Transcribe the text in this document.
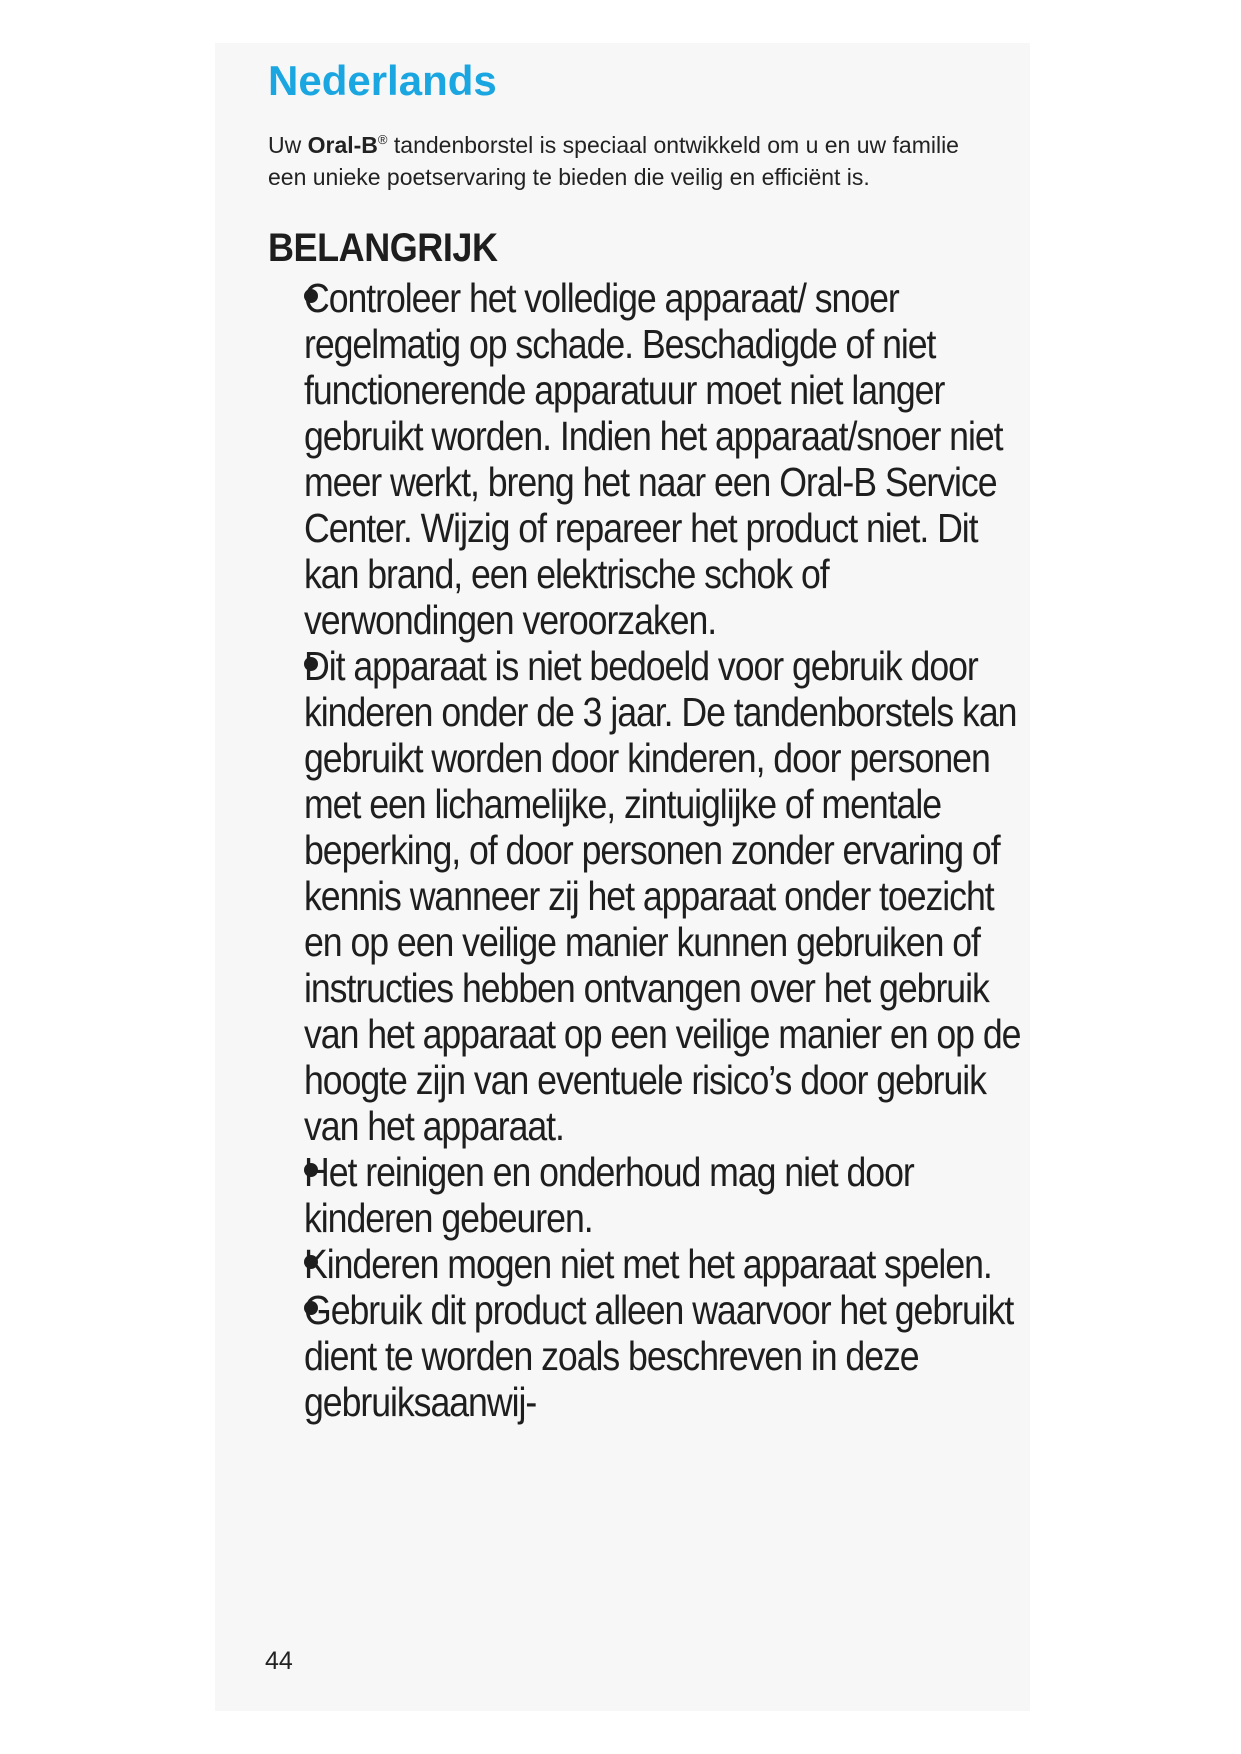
Nederlands

Uw Oral-B® tandenborstel is speciaal ontwikkeld om u en uw familie een unieke poetservaring te bieden die veilig en efficiënt is.

BELANGRIJK
Controleer het volledige apparaat/ snoer regelmatig op schade. Beschadigde of niet functionerende apparatuur moet niet langer gebruikt worden. Indien het apparaat/snoer niet meer werkt, breng het naar een Oral-B Service Center. Wijzig of repareer het product niet. Dit kan brand, een elektrische schok of verwondingen veroorzaken.
Dit apparaat is niet bedoeld voor gebruik door kinderen onder de 3 jaar. De tandenborstels kan gebruikt worden door kinderen, door personen met een lichamelijke, zintuiglijke of mentale beperking, of door personen zonder ervaring of kennis wanneer zij het apparaat onder toezicht en op een veilige manier kunnen gebruiken of instructies hebben ontvangen over het gebruik van het apparaat op een veilige manier en op de hoogte zijn van eventuele risico’s door gebruik van het apparaat.
Het reinigen en onderhoud mag niet door kinderen gebeuren.
Kinderen mogen niet met het apparaat spelen.
Gebruik dit product alleen waarvoor het gebruikt dient te worden zoals beschreven in deze gebruiksaanwij-
44
